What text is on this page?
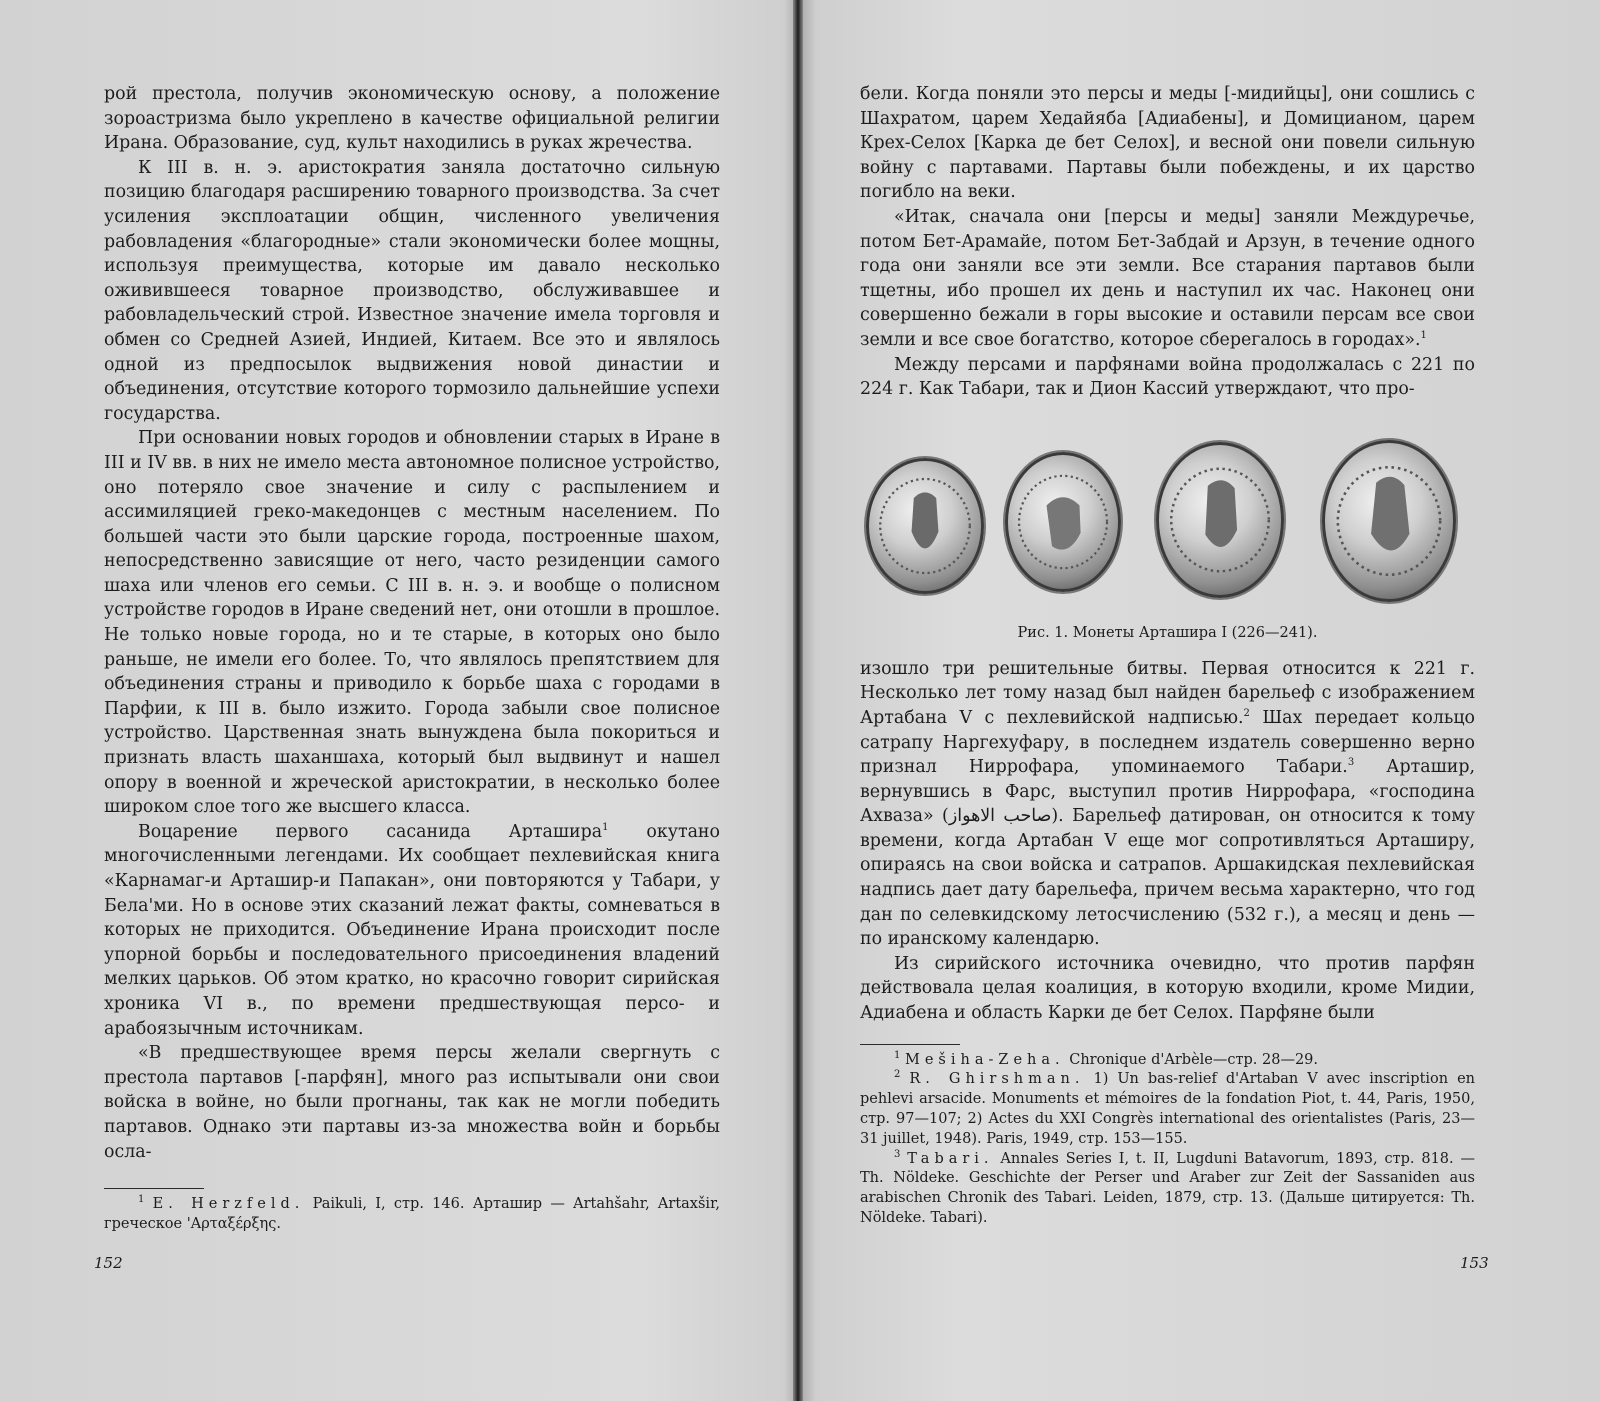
рой престола, получив экономическую основу, а положение зороастризма было укреплено в качестве официальной религии Ирана. Образование, суд, культ находились в руках жречества.

К III в. н. э. аристократия заняла достаточно сильную позицию благодаря расширению товарного производства. За счет усиления эксплоатации общин, численного увеличения рабовладения «благородные» стали экономически более мощны, используя преимущества, которые им давало несколько оживившееся товарное производство, обслуживавшее и рабовладельческий строй. Известное значение имела торговля и обмен со Средней Азией, Индией, Китаем. Все это и являлось одной из предпосылок выдвижения новой династии и объединения, отсутствие которого тормозило дальнейшие успехи государства.

При основании новых городов и обновлении старых в Иране в III и IV вв. в них не имело места автономное полисное устройство, оно потеряло свое значение и силу с распылением и ассимиляцией греко-македонцев с местным населением. По большей части это были царские города, построенные шахом, непосредственно зависящие от него, часто резиденции самого шаха или членов его семьи. С III в. н. э. и вообще о полисном устройстве городов в Иране сведений нет, они отошли в прошлое. Не только новые города, но и те старые, в которых оно было раньше, не имели его более. То, что являлось препятствием для объединения страны и приводило к борьбе шаха с городами в Парфии, к III в. было изжито. Города забыли свое полисное устройство. Царственная знать вынуждена была покориться и признать власть шаханшаха, который был выдвинут и нашел опору в военной и жреческой аристократии, в несколько более широком слое того же высшего класса.

Воцарение первого сасанида Арташира$^1$ окутано многочисленными легендами. Их сообщает пехлевийская книга «Карнамаг-и Арташир-и Папакан», они повторяются у Табари, у Бела'ми. Но в основе этих сказаний лежат факты, сомневаться в которых не приходится. Объединение Ирана происходит после упорной борьбы и последовательного присоединения владений мелких царьков. Об этом кратко, но красочно говорит сирийская хроника VI в., по времени предшествующая персо- и арабоязычным источникам.

«В предшествующее время персы желали свергнуть с престола партавов [-парфян], много раз испытывали они свои войска в войне, но были прогнаны, так как не могли победить партавов. Однако эти партавы из-за множества войн и борьбы осла-

$^1$ E. Herzfeld. Paikuli, I, стр. 146. Арташир — Artahšahr, Artaxšir, греческое 'Αρταξέρξης.

152

бели. Когда поняли это персы и меды [-мидийцы], они сошлись с Шахратом, царем Хедайяба [Адиабены], и Домицианом, царем Крех-Селох [Карка де бет Селох], и весной они повели сильную войну с партавами. Партавы были побеждены, и их царство погибло на веки.

«Итак, сначала они [персы и меды] заняли Междуречье, потом Бет-Арамайе, потом Бет-Забдай и Арзун, в течение одного года они заняли все эти земли. Все старания партавов были тщетны, ибо прошел их день и наступил их час. Наконец они совершенно бежали в горы высокие и оставили персам все свои земли и все свое богатство, которое сберегалось в городах».$^1$

Между персами и парфянами война продолжалась с 221 по 224 г. Как Табари, так и Дион Кассий утверждают, что про-

Рис. 1. Монеты Арташира I (226—241).

изошло три решительные битвы. Первая относится к 221 г. Несколько лет тому назад был найден барельеф с изображением Артабана V с пехлевийской надписью.$^2$ Шах передает кольцо сатрапу Наргехуфару, в последнем издатель совершенно верно признал Ниррофара, упоминаемого Табари.$^3$ Арташир, вернувшись в Фарс, выступил против Ниррофара, «господина Ахваза» (صاحب الاهواز). Барельеф датирован, он относится к тому времени, когда Артабан V еще мог сопротивляться Арташиру, опираясь на свои войска и сатрапов. Аршакидская пехлевийская надпись дает дату барельефа, причем весьма характерно, что год дан по селевкидскому летосчислению (532 г.), а месяц и день — по иранскому календарю.

Из сирийского источника очевидно, что против парфян действовала целая коалиция, в которую входили, кроме Мидии, Адиабена и область Карки де бет Селох. Парфяне были

$^1$ Mešiha-Zeha. Chronique d'Arbèle—стр. 28—29.

$^2$ R. Ghirshman. 1) Un bas-relief d'Artaban V avec inscription en pehlevi arsacide. Monuments et mémoires de la fondation Piot, t. 44, Paris, 1950, стр. 97—107; 2) Actes du XXI Congrès international des orientalistes (Paris, 23—31 juillet, 1948). Paris, 1949, стр. 153—155.

$^3$ Tabari. Annales Series I, t. II, Lugduni Batavorum, 1893, стр. 818. — Th. Nöldeke. Geschichte der Perser und Araber zur Zeit der Sassaniden aus arabischen Chronik des Tabari. Leiden, 1879, стр. 13. (Дальше цитируется: Th. Nöldeke. Tabari).

153
